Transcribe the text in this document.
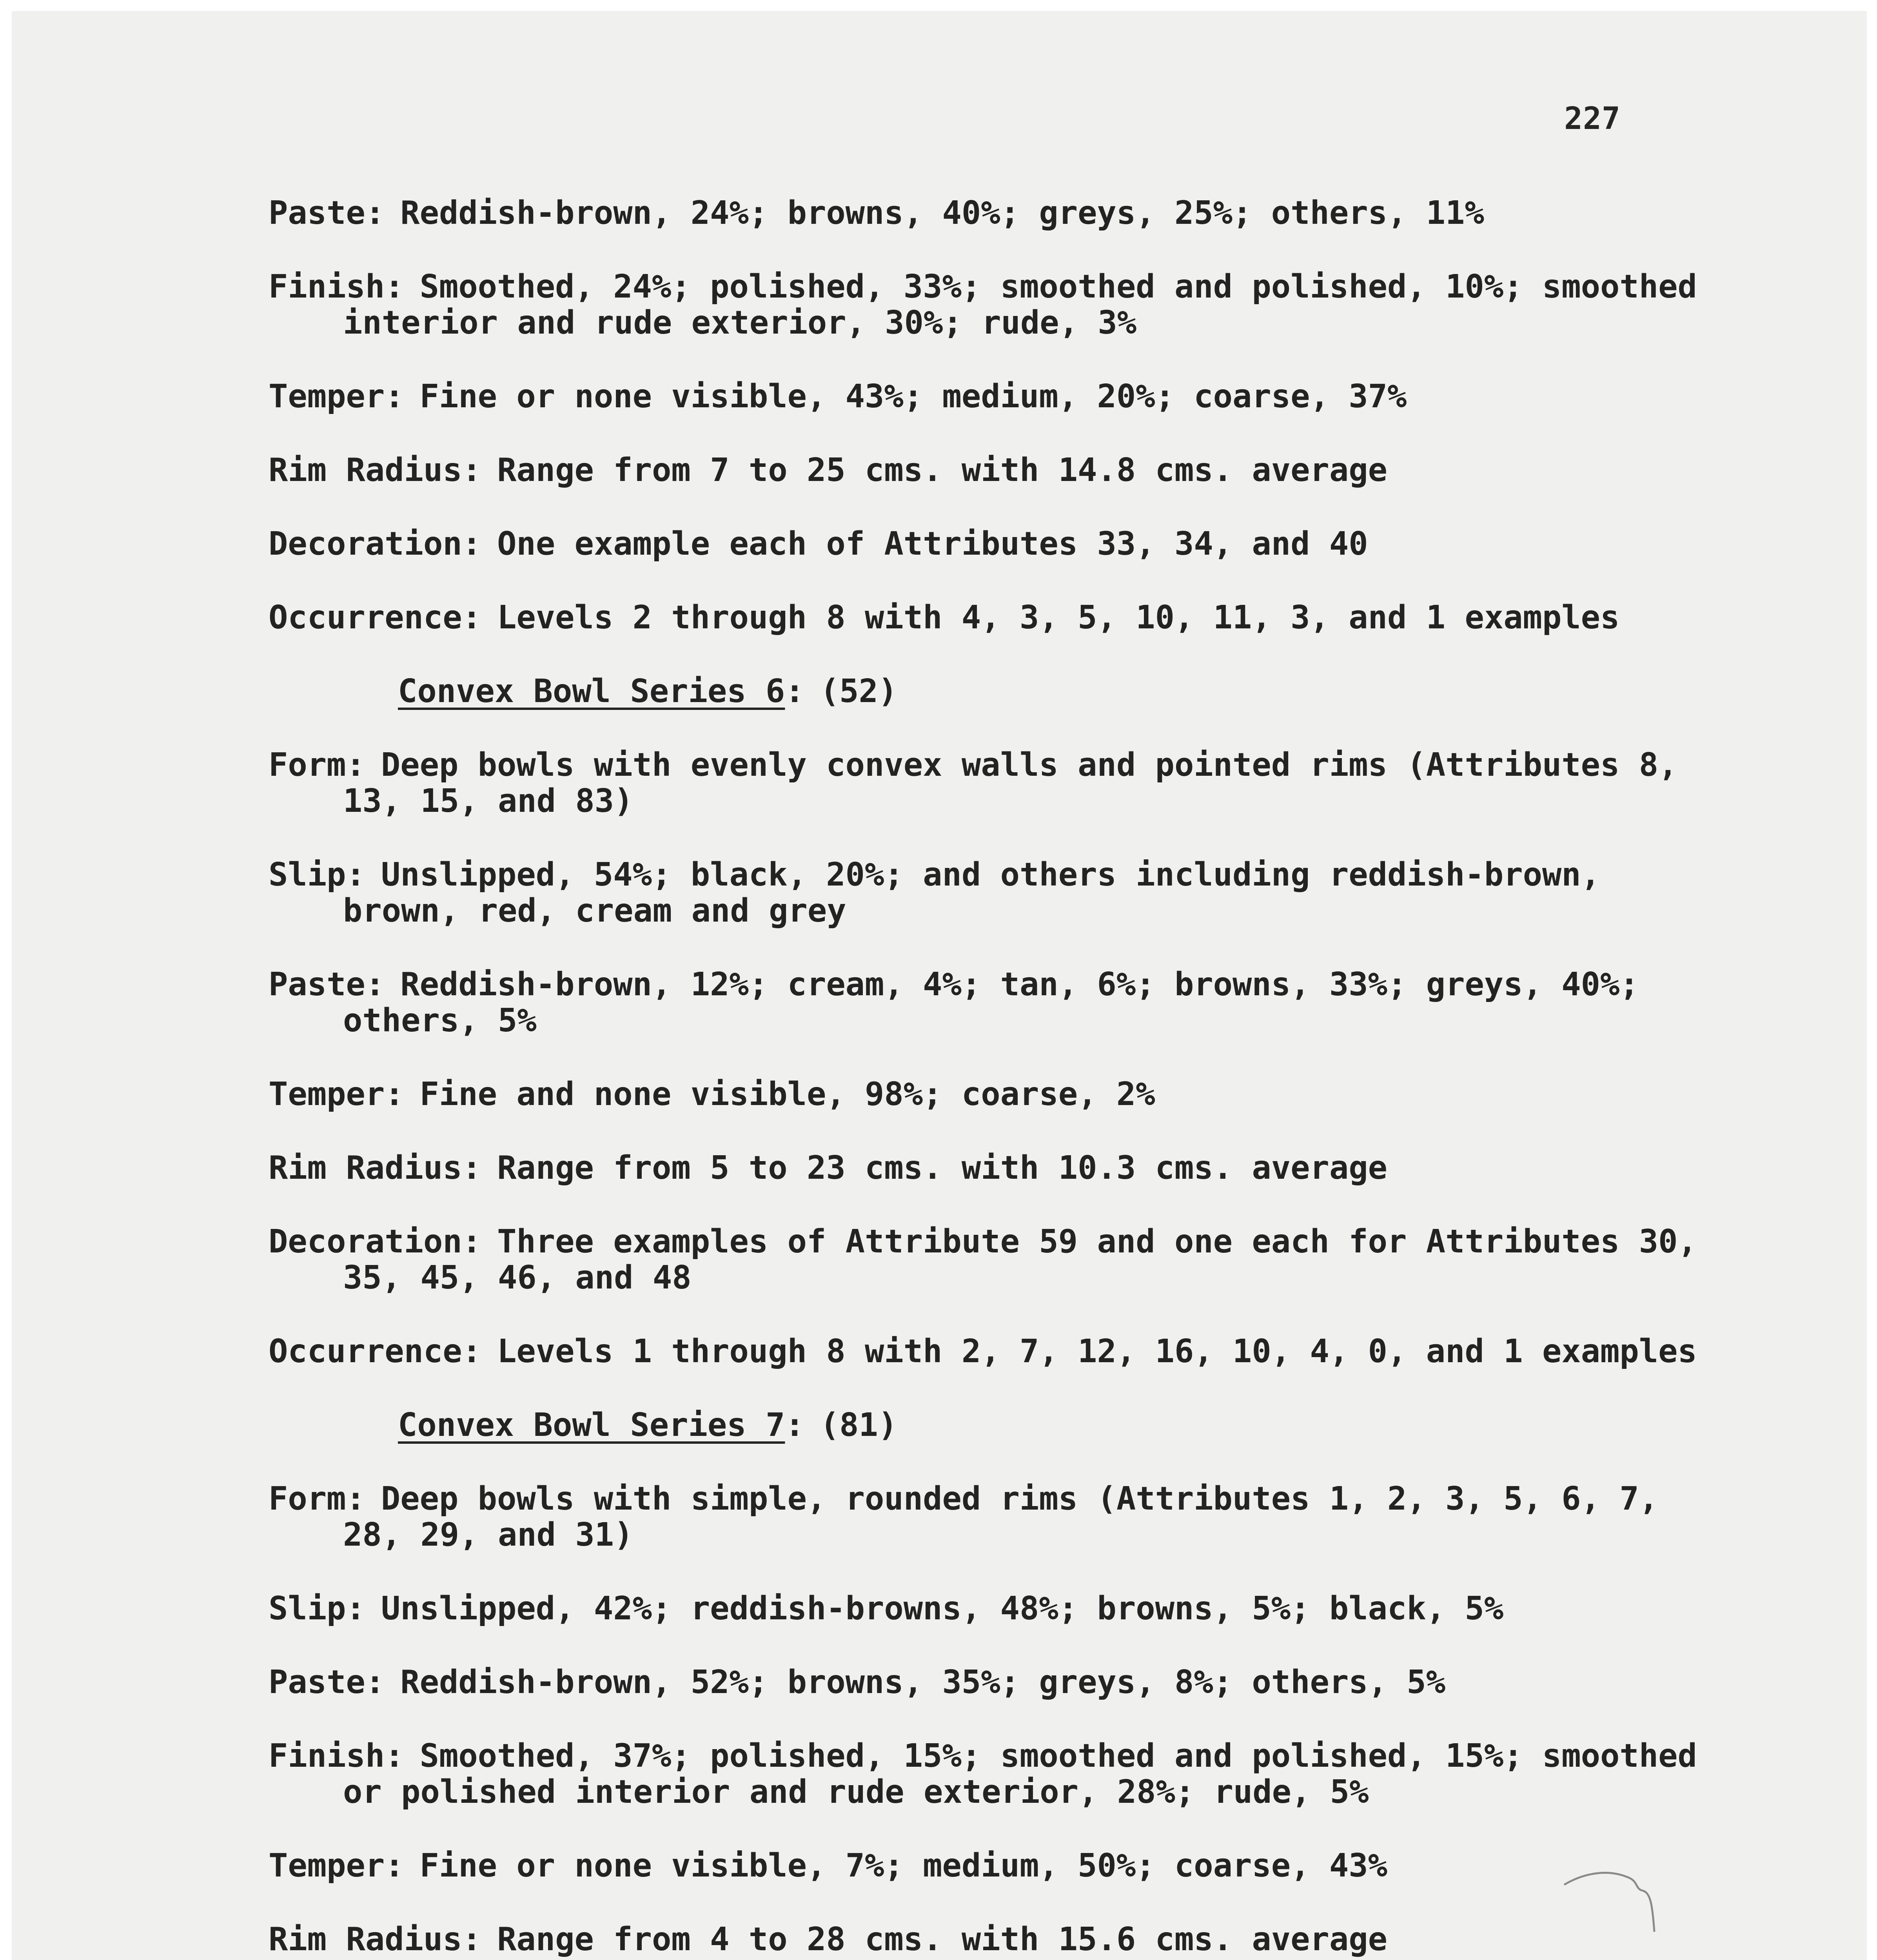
227

Paste: Reddish-brown, 24%; browns, 40%; greys, 25%; others, 11%

Finish: Smoothed, 24%; polished, 33%; smoothed and polished, 10%; smoothed interior and rude exterior, 30%; rude, 3%

Temper: Fine or none visible, 43%; medium, 20%; coarse, 37%

Rim Radius: Range from 7 to 25 cms. with 14.8 cms. average

Decoration: One example each of Attributes 33, 34, and 40

Occurrence: Levels 2 through 8 with 4, 3, 5, 10, 11, 3, and 1 examples

Convex Bowl Series 6: (52)

Form: Deep bowls with evenly convex walls and pointed rims (Attributes 8, 13, 15, and 83)

Slip: Unslipped, 54%; black, 20%; and others including reddish-brown, brown, red, cream and grey

Paste: Reddish-brown, 12%; cream, 4%; tan, 6%; browns, 33%; greys, 40%; others, 5%

Temper: Fine and none visible, 98%; coarse, 2%

Rim Radius: Range from 5 to 23 cms. with 10.3 cms. average

Decoration: Three examples of Attribute 59 and one each for Attributes 30, 35, 45, 46, and 48

Occurrence: Levels 1 through 8 with 2, 7, 12, 16, 10, 4, 0, and 1 examples

Convex Bowl Series 7: (81)

Form: Deep bowls with simple, rounded rims (Attributes 1, 2, 3, 5, 6, 7, 28, 29, and 31)

Slip: Unslipped, 42%; reddish-browns, 48%; browns, 5%; black, 5%

Paste: Reddish-brown, 52%; browns, 35%; greys, 8%; others, 5%

Finish: Smoothed, 37%; polished, 15%; smoothed and polished, 15%; smoothed or polished interior and rude exterior, 28%; rude, 5%

Temper: Fine or none visible, 7%; medium, 50%; coarse, 43%

Rim Radius: Range from 4 to 28 cms. with 15.6 cms. average
